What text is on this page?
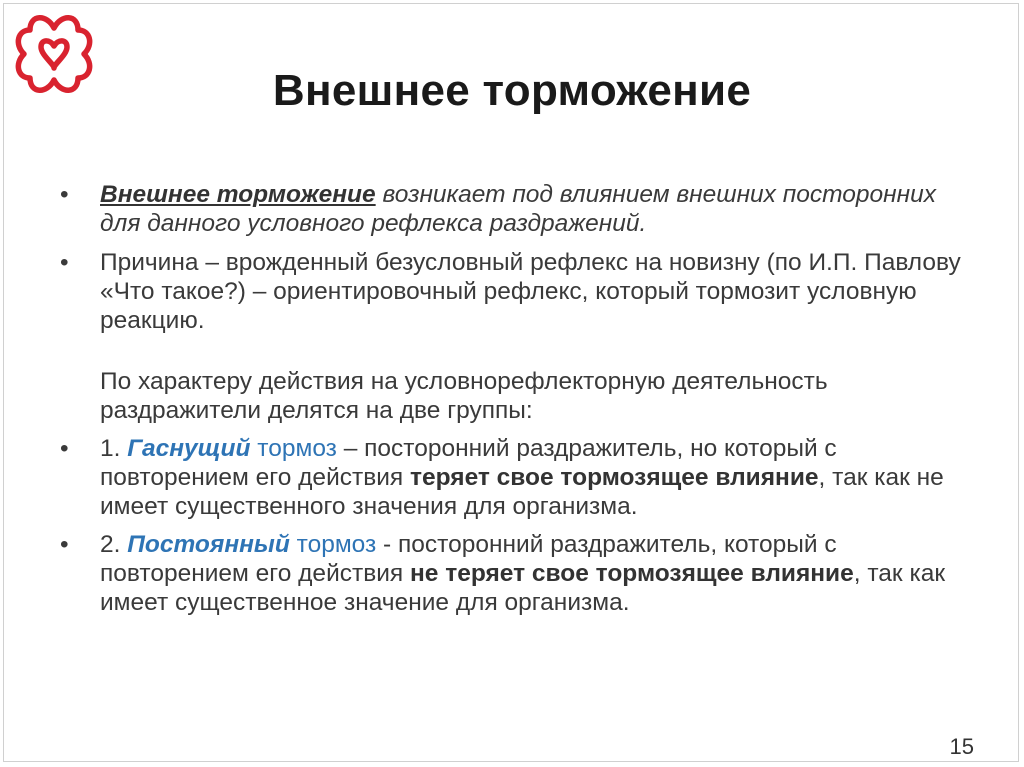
Внешнее торможение

•	Внешнее торможение возникает под влиянием внешних посторонних для данного условного рефлекса раздражений.

•	Причина – врожденный безусловный рефлекс на новизну (по И.П. Павлову «Что такое?) – ориентировочный рефлекс, который тормозит условную реакцию.

По характеру действия на условнорефлекторную деятельность раздражители делятся на две группы:

•	1. Гаснущий тормоз – посторонний раздражитель, но который с повторением его действия теряет свое тормозящее влияние, так как не имеет существенного значения для организма.

•	2. Постоянный тормоз - посторонний раздражитель, который с повторением его действия не теряет свое тормозящее влияние, так как имеет существенное значение для организма.

15
